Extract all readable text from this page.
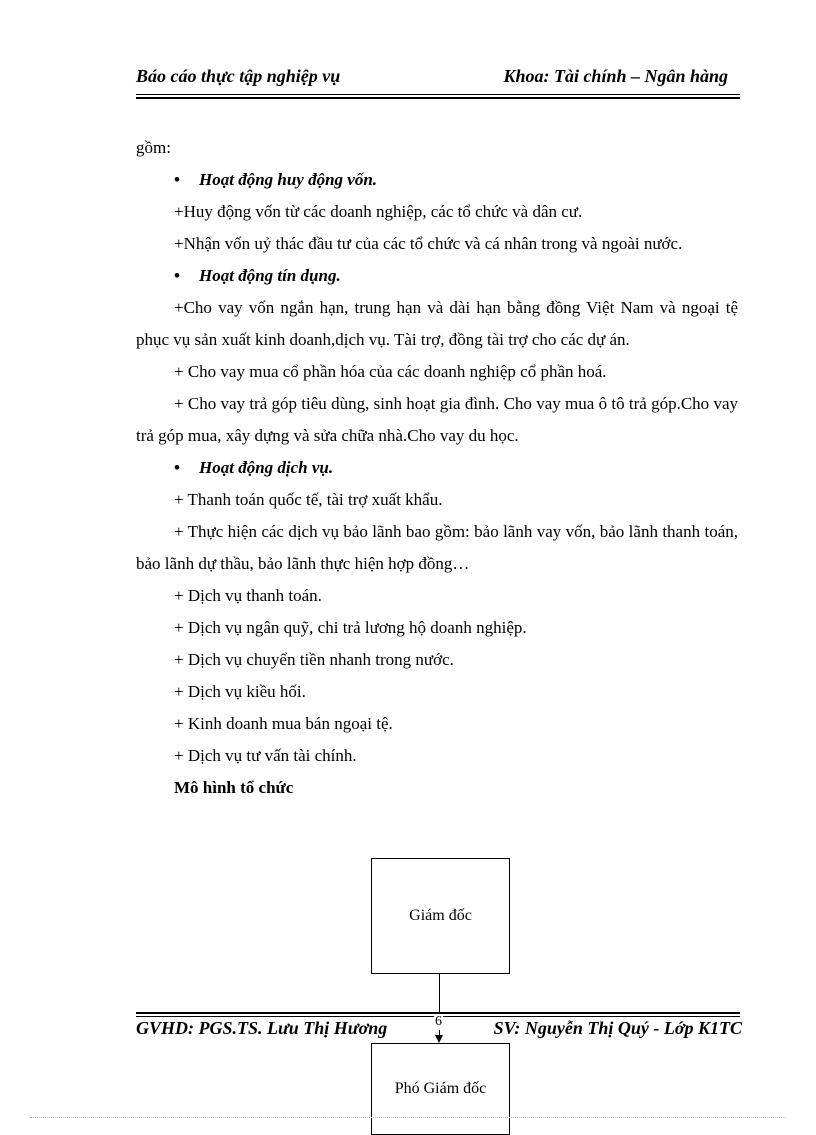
Báo cáo thực tập nghiệp vụ	Khoa: Tài chính – Ngân hàng
gồm:
• Hoạt động huy động vốn.
+Huy động vốn từ các doanh nghiệp, các tổ chức và dân cư.
+Nhận vốn uỷ thác đầu tư của các tổ chức và cá nhân trong và ngoài nước.
• Hoạt động tín dụng.
+Cho vay vốn ngắn hạn, trung hạn và dài hạn bằng đồng Việt Nam và ngoại tệ phục vụ sản xuất kinh doanh,dịch vụ. Tài trợ, đồng tài trợ cho các dự án.
+ Cho vay mua cổ phần hóa của các doanh nghiệp cổ phần hoá.
+ Cho vay trả góp tiêu dùng, sinh hoạt gia đình. Cho vay mua ô tô trả góp.Cho vay trả góp mua, xây dựng và sửa chữa nhà.Cho vay du học.
• Hoạt động dịch vụ.
+ Thanh toán quốc tế, tài trợ xuất khẩu.
+ Thực hiện các dịch vụ bảo lãnh bao gồm: bảo lãnh vay vốn, bảo lãnh thanh toán, bảo lãnh dự thầu, bảo lãnh thực hiện hợp đồng…
+ Dịch vụ thanh toán.
+ Dịch vụ ngân quỹ, chi trả lương hộ doanh nghiệp.
+ Dịch vụ chuyển tiền nhanh trong nước.
+ Dịch vụ kiều hối.
+ Kinh doanh mua bán ngoại tệ.
+ Dịch vụ tư vấn tài chính.
Mô hình tổ chức
Giám đốc
GVHD: PGS.TS. Lưu Thị Hương	SV: Nguyễn Thị Quý - Lớp K1TC
6
Phó Giám đốc
